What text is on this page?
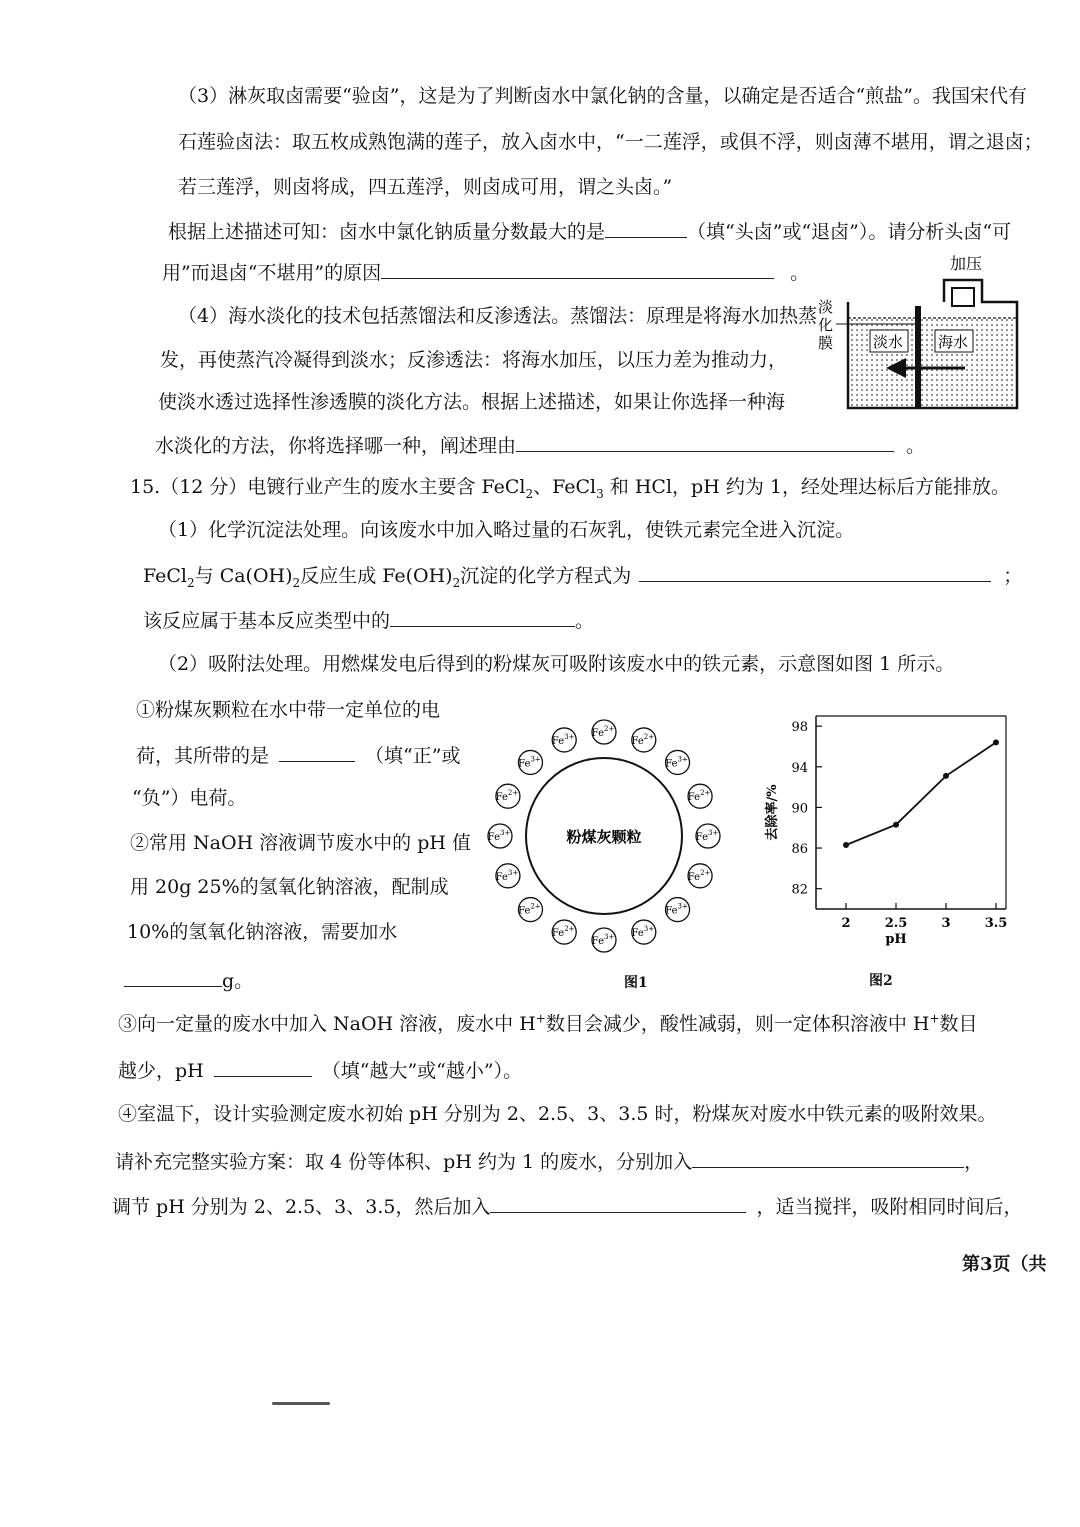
（3）淋灰取卤需要“验卤”，这是为了判断卤水中氯化钠的含量，以确定是否适合“煎盐”。我国宋代有
石莲验卤法：取五枚成熟饱满的莲子，放入卤水中，“一二莲浮，或俱不浮，则卤薄不堪用，谓之退卤；
若三莲浮，则卤将成，四五莲浮，则卤成可用，谓之头卤。”
根据上述描述可知：卤水中氯化钠质量分数最大的是	（填“头卤”或“退卤”）。请分析头卤“可
用”而退卤“不堪用”的原因	。
（4）海水淡化的技术包括蒸馏法和反渗透法。蒸馏法：原理是将海水加热蒸
发，再使蒸汽冷凝得到淡水；反渗透法：将海水加压，以压力差为推动力，
使淡水透过选择性渗透膜的淡化方法。根据上述描述，如果让你选择一种海
水淡化的方法，你将选择哪一种，阐述理由	。
加压
淡水 海水
淡
化
膜
15.（12 分）电镀行业产生的废水主要含 FeCl$_2$、FeCl$_3$ 和 HCl，pH 约为 1，经处理达标后方能排放。
（1）化学沉淀法处理。向该废水中加入略过量的石灰乳，使铁元素完全进入沉淀。
FeCl$_2$与 $Ca(OH)_2$反应生成 $Fe(OH)_2$沉淀的化学方程式为	；
该反应属于基本反应类型中的	。
（2）吸附法处理。用燃煤发电后得到的粉煤灰可吸附该废水中的铁元素，示意图如图 1 所示。
①粉煤灰颗粒在水中带一定单位的电
荷，其所带的是	（填“正”或
“负”）电荷。
②常用 NaOH 溶液调节废水中的 pH 值
用 20g 25%的氢氧化钠溶液，配制成
10%的氢氧化钠溶液，需要加水
g。
粉煤灰颗粒
$Fe^{2+}$
$Fe^{2+}$
$Fe^{3+}$
$Fe^{2+}$
$Fe^{3+}$
$Fe^{2+}$
$Fe^{3+}$
$Fe^{3+}$
$Fe^{3+}$
$Fe^{2+}$
$Fe^{2+}$
$Fe^{3+}$
$Fe^{3+}$
$Fe^{2+}$
$Fe^{3+}$
$Fe^{3+}$
图1
82
86
90
94
98
2	2.5	3	3.5
去除率/%
pH
图2
③向一定量的废水中加入 NaOH 溶液，废水中 H+数目会减少，酸性减弱，则一定体积溶液中 H+数目
越少，pH	（填“越大”或“越小”）。
④室温下，设计实验测定废水初始 pH 分别为 2、2.5、3、3.5 时，粉煤灰对废水中铁元素的吸附效果。
请补充完整实验方案：取 4 份等体积、pH 约为 1 的废水，分别加入	，
调节 pH 分别为 2、2.5、3、3.5，然后加入	，适当搅拌，吸附相同时间后，
第3页（共
